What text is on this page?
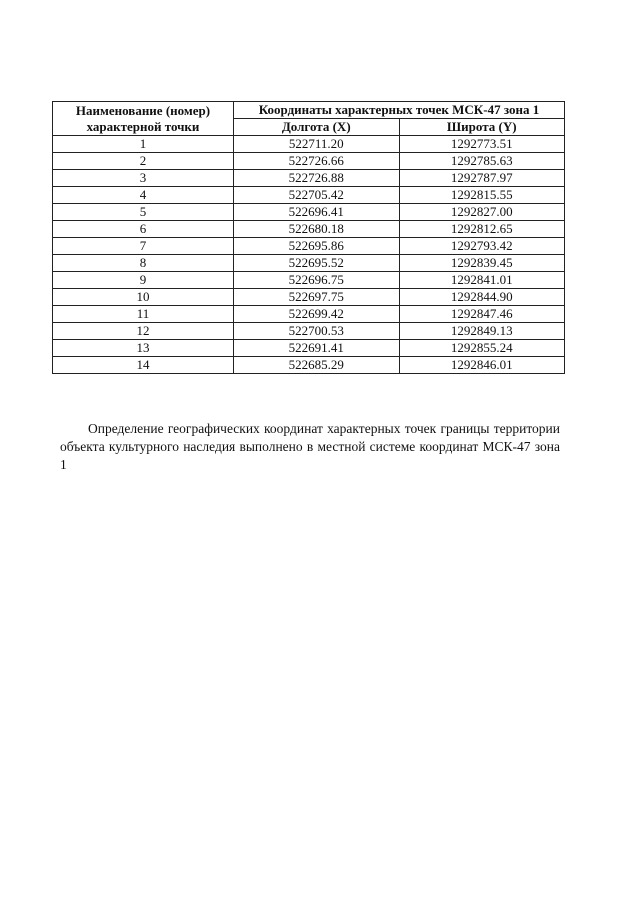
Наименование (номер) характерной точки	Координаты характерных точек МСК-47 зона 1	
	Долгота (X)	Широта (Y)
1	522711.20	1292773.51
2	522726.66	1292785.63
3	522726.88	1292787.97
4	522705.42	1292815.55
5	522696.41	1292827.00
6	522680.18	1292812.65
7	522695.86	1292793.42
8	522695.52	1292839.45
9	522696.75	1292841.01
10	522697.75	1292844.90
11	522699.42	1292847.46
12	522700.53	1292849.13
13	522691.41	1292855.24
14	522685.29	1292846.01

Определение географических координат характерных точек границы территории объекта культурного наследия выполнено в местной системе координат МСК-47 зона 1
